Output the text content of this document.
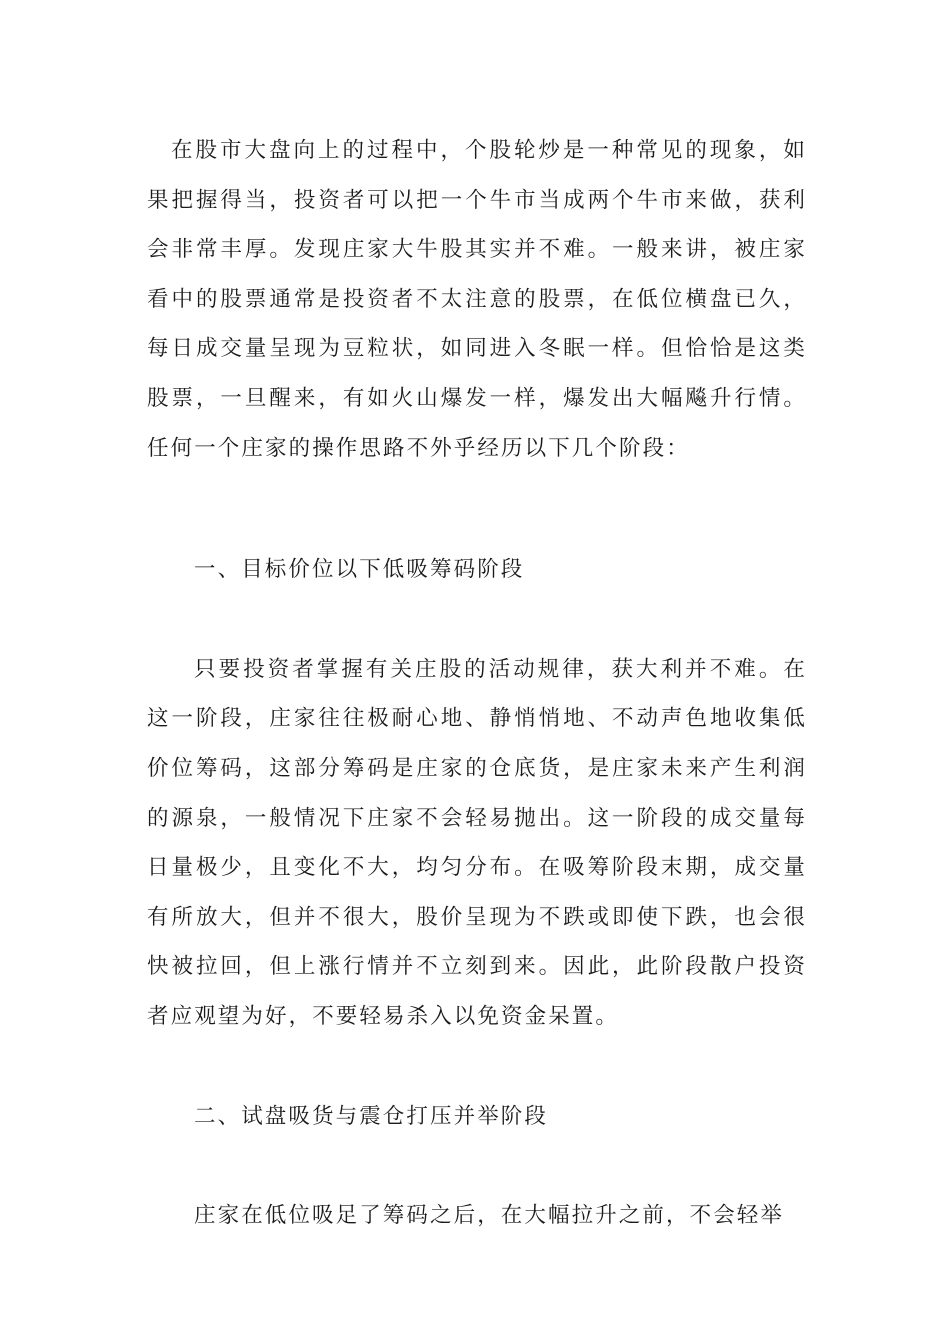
在股市大盘向上的过程中，个股轮炒是一种常见的现象，如果把握得当，投资者可以把一个牛市当成两个牛市来做，获利会非常丰厚。发现庄家大牛股其实并不难。一般来讲，被庄家看中的股票通常是投资者不太注意的股票，在低位横盘已久，每日成交量呈现为豆粒状，如同进入冬眠一样。但恰恰是这类股票，一旦醒来，有如火山爆发一样，爆发出大幅飚升行情。任何一个庄家的操作思路不外乎经历以下几个阶段：

一、目标价位以下低吸筹码阶段

只要投资者掌握有关庄股的活动规律，获大利并不难。在这一阶段，庄家往往极耐心地、静悄悄地、不动声色地收集低价位筹码，这部分筹码是庄家的仓底货，是庄家未来产生利润的源泉，一般情况下庄家不会轻易抛出。这一阶段的成交量每日量极少，且变化不大，均匀分布。在吸筹阶段末期，成交量有所放大，但并不很大，股价呈现为不跌或即使下跌，也会很快被拉回，但上涨行情并不立刻到来。因此，此阶段散户投资者应观望为好，不要轻易杀入以免资金呆置。

二、试盘吸货与震仓打压并举阶段

庄家在低位吸足了筹码之后，在大幅拉升之前，不会轻举
